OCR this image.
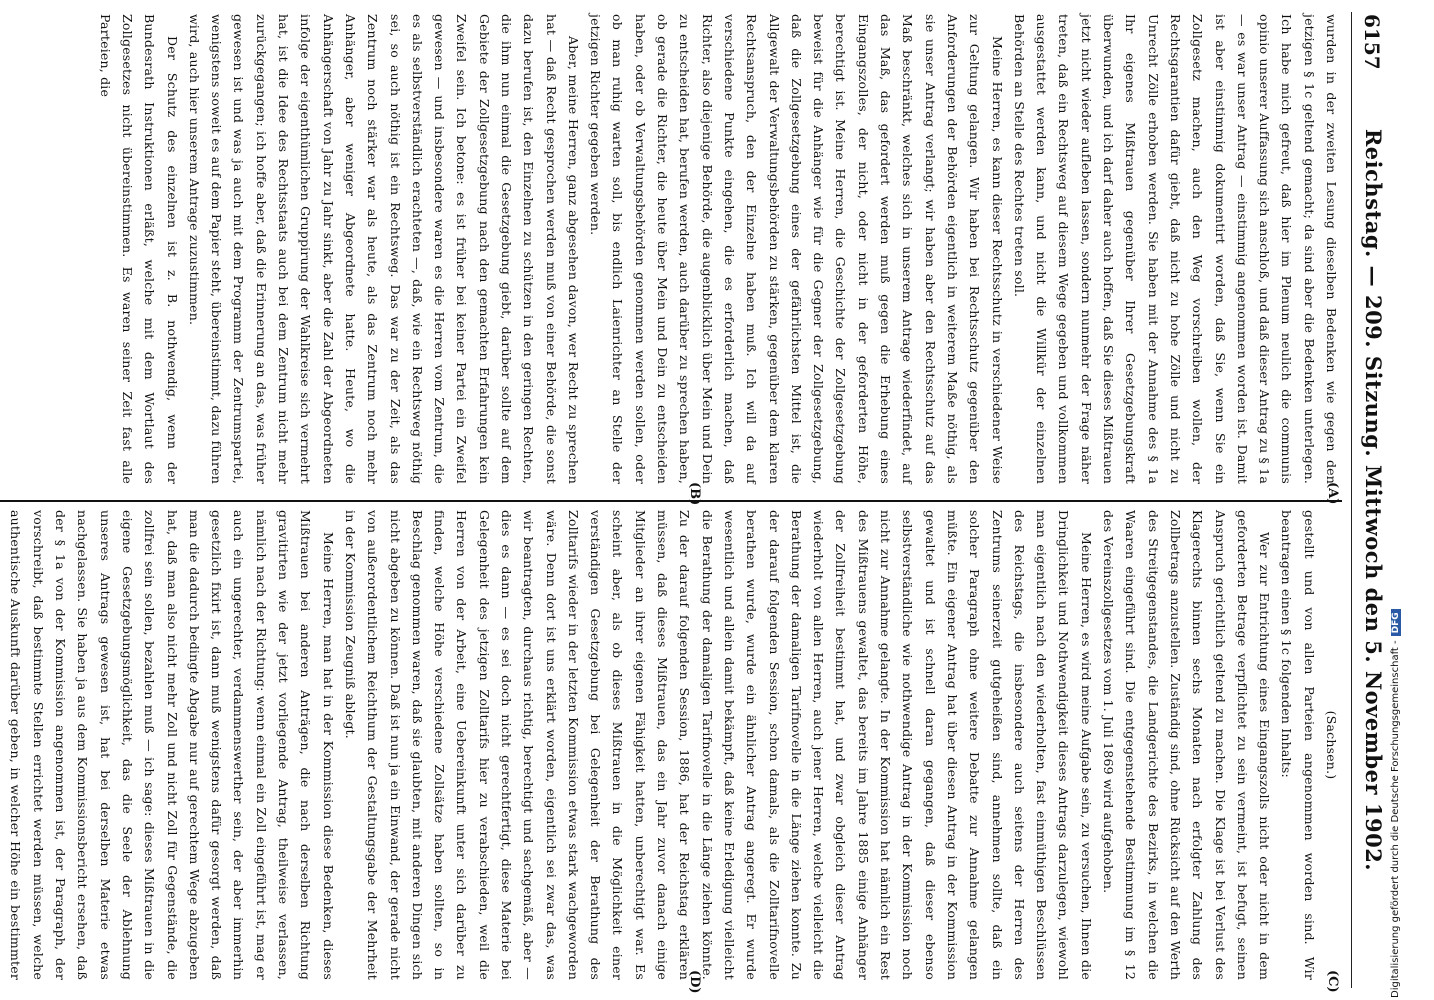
6157
Reichstag. — 209. Sitzung. Mittwoch den 5. November 1902.

wurden in der zweiten Lesung dieselben Bedenken wie gegen den jetzigen § 1c geltend gemacht; da sind aber die Bedenken unterlegen. Ich habe mich gefreut, daß hier im Plenum neulich die communis opinio unserer Auffassung sich anschloß, und daß dieser Antrag zu § 1a — es war unser Antrag — einstimmig angenommen worden ist. Damit ist aber einstimmig dokumentirt worden, daß Sie, wenn Sie ein Zollgesetz machen, auch den Weg vorschreiben wollen, der Rechtsgarantien dafür giebt, daß nicht zu hohe Zölle und nicht zu Unrecht Zölle erhoben werden. Sie haben mit der Annahme des § 1a Ihr eigenes Mißtrauen gegenüber Ihrer Gesetzgebungskraft überwunden, und ich darf daher auch hoffen, daß Sie dieses Mißtrauen jetzt nicht wieder aufleben lassen, sondern nunmehr der Frage näher treten, daß ein Rechtsweg auf diesem Wege gegeben und vollkommen ausgestattet werden kann, und nicht die Willkür der einzelnen Behörden an Stelle des Rechtes treten soll.

Meine Herren, es kann dieser Rechtsschutz in verschiedener Weise zur Geltung gelangen. Wir haben bei Rechtsschutz gegenüber den Anforderungen der Behörden eigentlich in weiterem Maße nöthig, als sie unser Antrag verlangt; wir haben aber den Rechtsschutz auf das Maß beschränkt, welches sich in unserem Antrage wiederfindet, auf das Maß, das gefordert werden muß gegen die Erhebung eines Eingangszolles, der nicht, oder nicht in der geforderten Höhe, berechtigt ist. Meine Herren, die Geschichte der Zollgesetzgebung beweist für die Anhänger wie für die Gegner der Zollgesetzgebung, daß die Zollgesetzgebung eines der gefährlichsten Mittel ist, die Allgewalt der Verwaltungsbehörden zu stärken, gegenüber dem klaren Rechtsanspruch, den der Einzelne haben muß. Ich will da auf verschiedene Punkte eingehen, die es erforderlich machen, daß Richter, also diejenige Behörde, die augenblicklich über Mein und Dein zu entscheiden hat, berufen werden, auch darüber zu sprechen haben, ob gerade die Richter, die heute über Mein und Dein zu entscheiden haben, oder ob Verwaltungsbehörden genommen werden sollen, oder ob man ruhig warten soll, bis endlich Laienrichter an Stelle der jetzigen Richter gegeben werden.

Aber, meine Herren, ganz abgesehen davon, wer Recht zu sprechen hat — daß Recht gesprochen werden muß von einer Behörde, die sonst dazu berufen ist, den Einzelnen zu schützen in den geringen Rechten, die ihm nun einmal die Gesetzgebung giebt, darüber sollte auf dem Gebiete der Zollgesetzgebung nach den gemachten Erfahrungen kein Zweifel sein. Ich betone: es ist früher bei keiner Partei ein Zweifel gewesen — und insbesondere waren es die Herren vom Zentrum, die es als selbstverständlich erachteten —, daß, wie ein Rechtsweg nöthig sei, so auch nöthig ist ein Rechtsweg. Das war zu der Zeit, als das Zentrum noch stärker war als heute, als das Zentrum noch mehr Anhänger, aber weniger Abgeordnete hatte. Heute, wo die Anhängerschaft von Jahr zu Jahr sinkt, aber die Zahl der Abgeordneten infolge der eigenthümlichen Gruppirung der Wahlkreise sich vermehrt hat, ist die Idee des Rechtsstaats auch bei dem Zentrum nicht mehr zurückgegangen; ich hoffe aber, daß die Erinnerung an das, was früher gewesen ist und was ja auch mit dem Programm der Zentrumspartei, wenigstens soweit es auf dem Papier steht, übereinstimmt, dazu führen wird, auch hier unserem Antrage zuzustimmen.

Der Schutz des einzelnen ist z. B. nothwendig, wenn der Bundesrath Instruktionen erläßt, welche mit dem Wortlaut des Zollgesetzes nicht übereinstimmen. Es waren seiner Zeit fast alle Parteien, die

(Sachsen.)

gestellt und von allen Parteien angenommen worden sind. Wir beantragen einen § 1c folgenden Inhalts:

Wer zur Entrichtung eines Eingangszolls nicht oder nicht in dem geforderten Betrage verpflichtet zu sein vermeint, ist befugt, seinen Anspruch gerichtlich geltend zu machen. Die Klage ist bei Verlust des Klagerechts binnen sechs Monaten nach erfolgter Zahlung des Zollbetrags anzustellen. Zuständig sind, ohne Rücksicht auf den Werth des Streitgegenstandes, die Landgerichte des Bezirks, in welchen die Waaren eingeführt sind. Die entgegenstehende Bestimmung im § 12 des Vereinszollgesetzes vom 1. Juli 1869 wird aufgehoben.

Meine Herren, es wird meine Aufgabe sein, zu versuchen, Ihnen die Dringlichkeit und Nothwendigkeit dieses Antrags darzulegen, wiewohl man eigentlich nach den wiederholten, fast einmüthigen Beschlüssen des Reichstags, die insbesondere auch seitens der Herren des Zentrums seinerzeit gutgeheißen sind, annehmen sollte, daß ein solcher Paragraph ohne weitere Debatte zur Annahme gelangen müßte. Ein eigener Antrag hat über diesen Antrag in der Kommission gewaltet und ist schnell daran gegangen, daß dieser ebenso selbstverständliche wie nothwendige Antrag in der Kommission noch nicht zur Annahme gelangte. In der Kommission hat nämlich ein Rest des Mißtrauens gewaltet, das bereits im Jahre 1885 einige Anhänger der Zollfreiheit bestimmt hat, und zwar obgleich dieser Antrag wiederholt von allen Herren, auch jener Herren, welche vielleicht die Berathung der damaligen Tarifnovelle in die Länge ziehen konnte. Zu der darauf folgenden Session, schon damals, als die Zolltarifnovelle berathen wurde, wurde ein ähnlicher Antrag angeregt. Er wurde wesentlich und allein damit bekämpft, daß keine Erledigung vielleicht die Berathung der damaligen Tarifnovelle in die Länge ziehen könnte. Zu der darauf folgenden Session, 1886, hat der Reichstag erklären müssen, daß dieses Mißtrauen, das ein Jahr zuvor danach einige Mitglieder an ihrer eigenen Fähigkeit hatten, unberechtigt war. Es scheint aber, als ob dieses Mißtrauen in die Möglichkeit einer verständigen Gesetzgebung bei Gelegenheit der Berathung des Zolltarifs wieder in der letzten Kommission etwas stark wachgeworden wäre. Denn dort ist uns erklärt worden, eigentlich sei zwar das, was wir beantragten, durchaus richtig, berechtigt und sachgemäß, aber — dies es dann — es sei doch nicht gerechtfertigt, diese Materie bei Gelegenheit des jetzigen Zolltarifs hier zu verabschieden, weil die Herren von der Arbeit, eine Uebereinkunft unter sich darüber zu finden, welche Höhe verschiedene Zollsätze haben sollten, so in Beschlag genommen waren, daß sie glaubten, mit anderen Dingen sich nicht abgeben zu können. Daß ist nun ja ein Einwand, der gerade nicht von außerordentlichem Reichthum der Gestaltungsgabe der Mehrheit in der Kommission Zeugniß ablegt.

Meine Herren, man hat in der Kommission diese Bedenken, dieses Mißtrauen bei anderen Anträgen, die nach derselben Richtung gravitirten wie der jetzt vorliegende Antrag, theilweise verlassen, nämlich nach der Richtung: wenn einmal ein Zoll eingeführt ist, mag er auch ein ungerechter, verdammenswerther sein, der aber immerhin gesetzlich fixirt ist, dann muß wenigstens dafür gesorgt werden, daß man die dadurch bedingte Abgabe nur auf gerechtem Wege abzugeben hat, daß man also nicht mehr Zoll und nicht Zoll für Gegenstände, die zollfrei sein sollen, bezahlen muß — ich sage: dieses Mißtrauen in die eigene Gesetzgebungsmöglichkeit, das die Seele der Ablehnung unseres Antrags gewesen ist, hat bei derselben Materie etwas nachgelassen. Sie haben ja aus dem Kommissionsbericht ersehen, daß der § 1a von der Kommission angenommen ist, der Paragraph, der vorschreibt, daß bestimmte Stellen errichtet werden müssen, welche authentische Auskunft darüber geben, in welcher Höhe ein bestimmter

(C)
(D)
(A)
(B)
Digitalisierung gefördert durch die Deutsche Forschungsgemeinschaft -DFG
